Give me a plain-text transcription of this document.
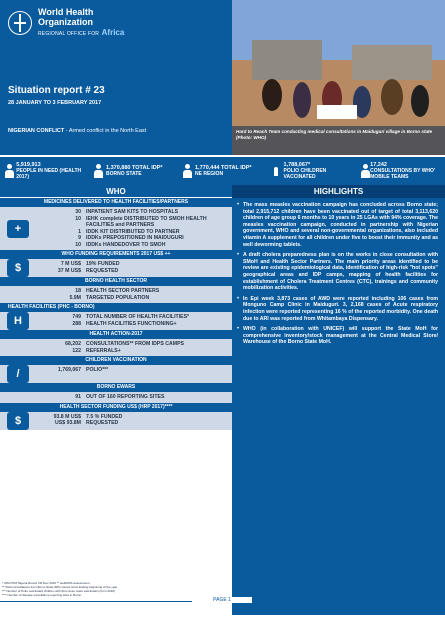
World Health
Organization
REGIONAL OFFICE FOR Africa
Situation report # 23
28 JANUARY TO 3 FEBRUARY 2017
NIGERIAN CONFLICT - Armed conflict in the North East	Hard to Reach Team conducting medical consultations in Maiduguri village in Borno state (Photo: WHO)
5,919,913
PEOPLE IN NEED (HEALTH 2017)
1,370,880 TOTAL IDP*
BORNO STATE
1,770,444 TOTAL IDP*
NE REGION
1,788,067*
POLIO CHILDREN VACCINATED
17,242
CONSULTATIONS BY WHO' MOBILE TEAMS
WHO
MEDICINES DELIVERED TO HEALTH FACILITIES/PARTNERS
+
30 INPATIENT SAM KITS TO HOSPITALS
10 IEHK complete DISTRIBUTED TO SMOH HEALTH FACILITIES and PARTNERS
1 IDDK KIT DISTRIBUTED TO PARTNER
9 IDDKs PREPOSITIONED IN MAIDUGURI
10 IDDKs HANDEDOVER TO SMOH
WHO FUNDING REQUIREMENTS 2017 US$ ++
$	7 M US$ 19% FUNDED
37 M US$ REQUESTED
BORNO HEALTH SECTOR
18 HEALTH SECTOR PARTNERS
5.9M TARGETED POPULATION
HEALTH FACILITIES (PHC - BORNO)
H	749 TOTAL NUMBER OF HEALTH FACILITIES*
288 HEALTH FACILITIES FUNCTIONING+
HEALTH ACTION-2017
68,202 CONSULTATIONS** FROM IDPS CAMPS
122 REFERRALS+
CHILDREN VACCINATION
/	1,769,067 POLIO***
BORNO EWARS
91 OUT OF 160 REPORTING SITES
HEALTH SECTOR FUNDING US$ (HRP 2017)****
$	93.8 M US$ 7.5 % FUNDED
US$ 93.8M REQUESTED
* IOM DTM Nigeria Round XIII Dec 2016 ** HeRAMS Assessment
** Total consultations from Borno State IDPs camps since Ending beginning of the year
*** Number of Polio vaccinated children with Zero dose mass vaccination (from 2016)
**** Number of disease surveillance reporting sites in Borno
HIGHLIGHTS
• The mass measles vaccination campaign has concluded across Borno state; total 2,915,712 children have been vaccinated out of target of total 3,113,620 children of age group 6 months to 10 years in 25 LGAs with 94% coverage. The measles vaccination campaign, conducted in partnership with Nigerian government, WHO and several non-governmental organizations, also included vitamin A supplement for all children under five to boost their immunity and as well deworming tablets.
• A draft cholera preparedness plan is on the works in close consultation with SMoH and Health Sector Partners. The main priority areas identified to be review are existing epidemiological data, identification of high-risk "hot spots" geographical areas and IDP camps, mapping of health facilities for establishment of Cholera Treatment Centres (CTC), trainings and community mobilization activities.
• In Epi week 3,873 cases of AWD were reported including 106 cases from Monguno Camp Clinic in Maiduguri. 3, 2,168 cases of Acute respiratory infection were reported representing 16 % of the reported morbidity. One death due to ARI was reported from Whitambaya Dispensary.
• WHO (in collaboration with UNICEF) will support the State MoH for comprehensive inventory/stock management at the Central Medical Store/ Warehouse of the Borno State MoH.
PAGE 1
